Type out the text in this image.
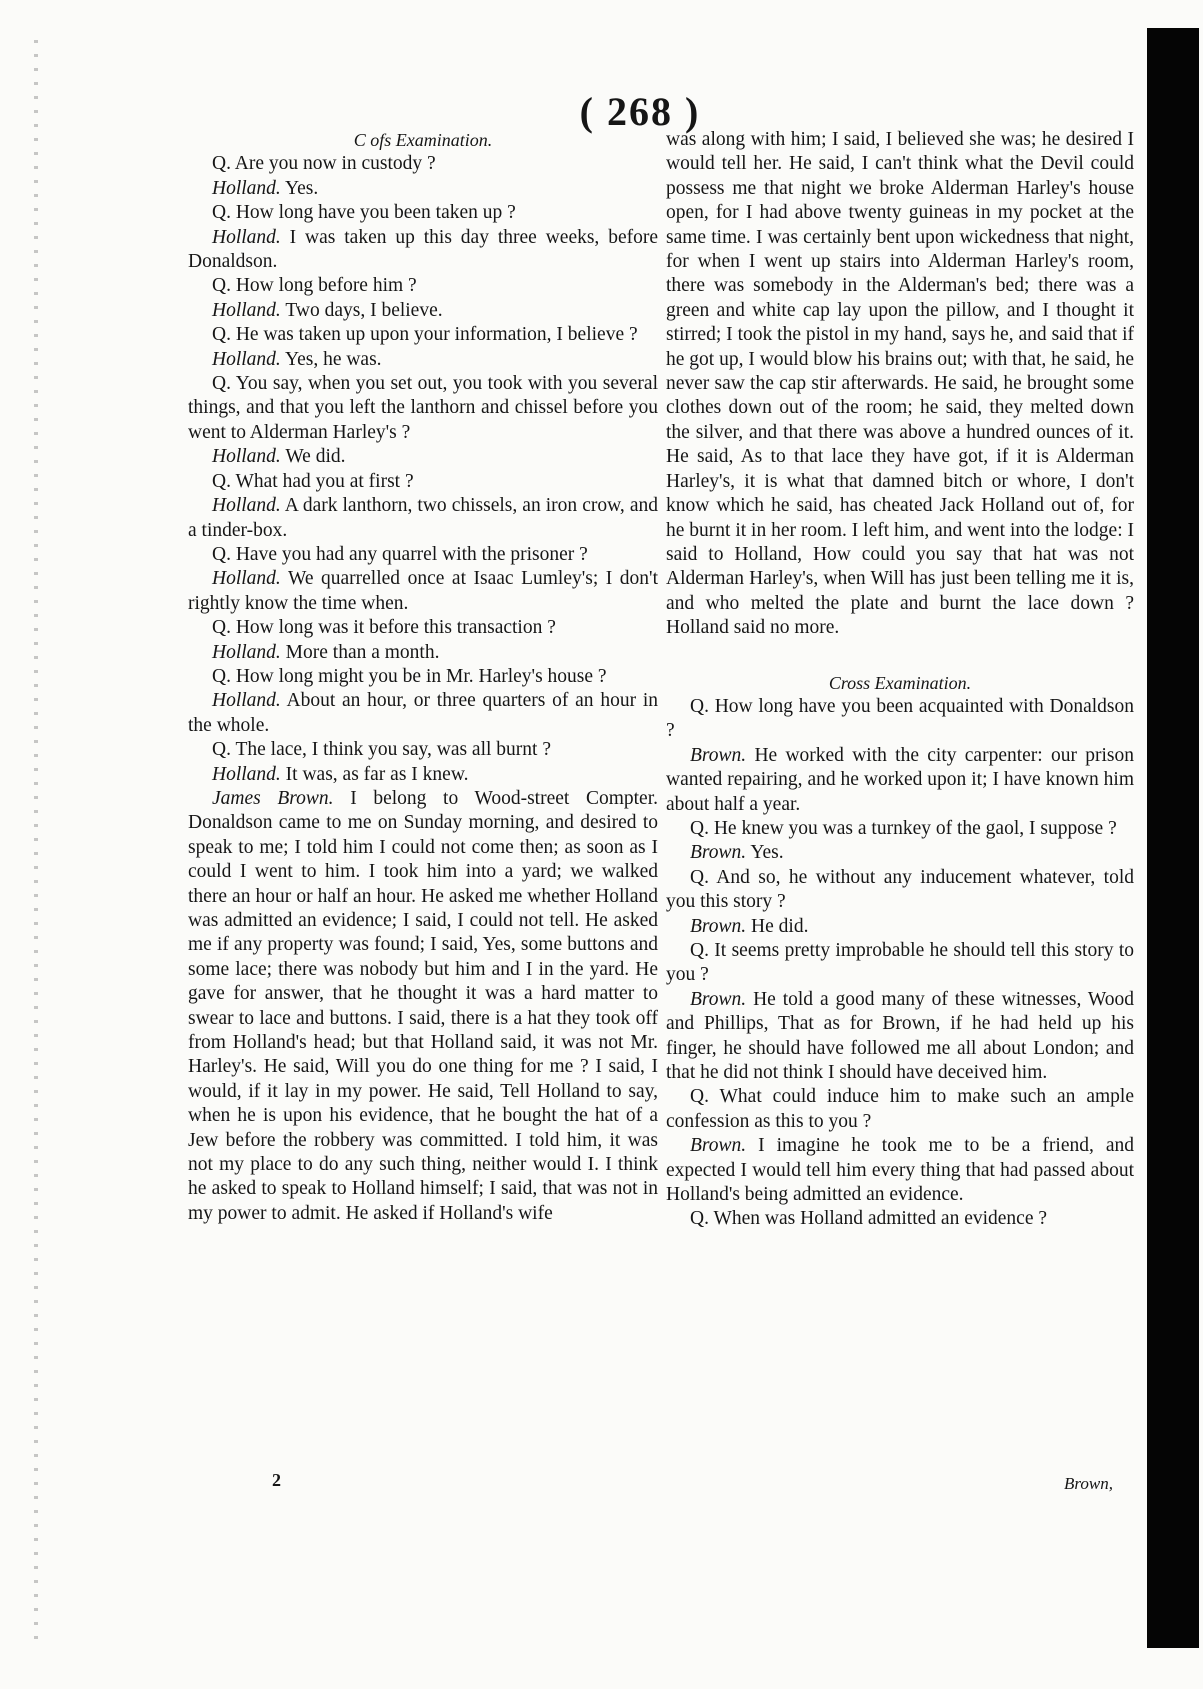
( 268 )

C ofs Examination.

Q. Are you now in custody ?

Holland. Yes.

Q. How long have you been taken up ?

Holland. I was taken up this day three weeks, before Donaldson.

Q. How long before him ?

Holland. Two days, I believe.

Q. He was taken up upon your information, I believe ?

Holland. Yes, he was.

Q. You say, when you set out, you took with you several things, and that you left the lanthorn and chissel before you went to Alderman Harley's ?

Holland. We did.

Q. What had you at first ?

Holland. A dark lanthorn, two chissels, an iron crow, and a tinder-box.

Q. Have you had any quarrel with the prisoner ?

Holland. We quarrelled once at Isaac Lumley's; I don't rightly know the time when.

Q. How long was it before this transaction ?

Holland. More than a month.

Q. How long might you be in Mr. Harley's house ?

Holland. About an hour, or three quarters of an hour in the whole.

Q. The lace, I think you say, was all burnt ?

Holland. It was, as far as I knew.

James Brown. I belong to Wood-street Compter. Donaldson came to me on Sunday morning, and desired to speak to me; I told him I could not come then; as soon as I could I went to him. I took him into a yard; we walked there an hour or half an hour. He asked me whether Holland was admitted an evidence; I said, I could not tell. He asked me if any property was found; I said, Yes, some buttons and some lace; there was nobody but him and I in the yard. He gave for answer, that he thought it was a hard matter to swear to lace and buttons. I said, there is a hat they took off from Holland's head; but that Holland said, it was not Mr. Harley's. He said, Will you do one thing for me ? I said, I would, if it lay in my power. He said, Tell Holland to say, when he is upon his evidence, that he bought the hat of a Jew before the robbery was committed. I told him, it was not my place to do any such thing, neither would I. I think he asked to speak to Holland himself; I said, that was not in my power to admit. He asked if Holland's wife

was along with him; I said, I believed she was; he desired I would tell her. He said, I can't think what the Devil could possess me that night we broke Alderman Harley's house open, for I had above twenty guineas in my pocket at the same time. I was certainly bent upon wickedness that night, for when I went up stairs into Alderman Harley's room, there was somebody in the Alderman's bed; there was a green and white cap lay upon the pillow, and I thought it stirred; I took the pistol in my hand, says he, and said that if he got up, I would blow his brains out; with that, he said, he never saw the cap stir afterwards. He said, he brought some clothes down out of the room; he said, they melted down the silver, and that there was above a hundred ounces of it. He said, As to that lace they have got, if it is Alderman Harley's, it is what that damned bitch or whore, I don't know which he said, has cheated Jack Holland out of, for he burnt it in her room. I left him, and went into the lodge: I said to Holland, How could you say that hat was not Alderman Harley's, when Will has just been telling me it is, and who melted the plate and burnt the lace down ? Holland said no more.

Cross Examination.

Q. How long have you been acquainted with Donaldson ?

Brown. He worked with the city carpenter: our prison wanted repairing, and he worked upon it; I have known him about half a year.

Q. He knew you was a turnkey of the gaol, I suppose ?

Brown. Yes.

Q. And so, he without any inducement whatever, told you this story ?

Brown. He did.

Q. It seems pretty improbable he should tell this story to you ?

Brown. He told a good many of these witnesses, Wood and Phillips, That as for Brown, if he had held up his finger, he should have followed me all about London; and that he did not think I should have deceived him.

Q. What could induce him to make such an ample confession as this to you ?

Brown. I imagine he took me to be a friend, and expected I would tell him every thing that had passed about Holland's being admitted an evidence.

Q. When was Holland admitted an evidence ?

2	Brown,
